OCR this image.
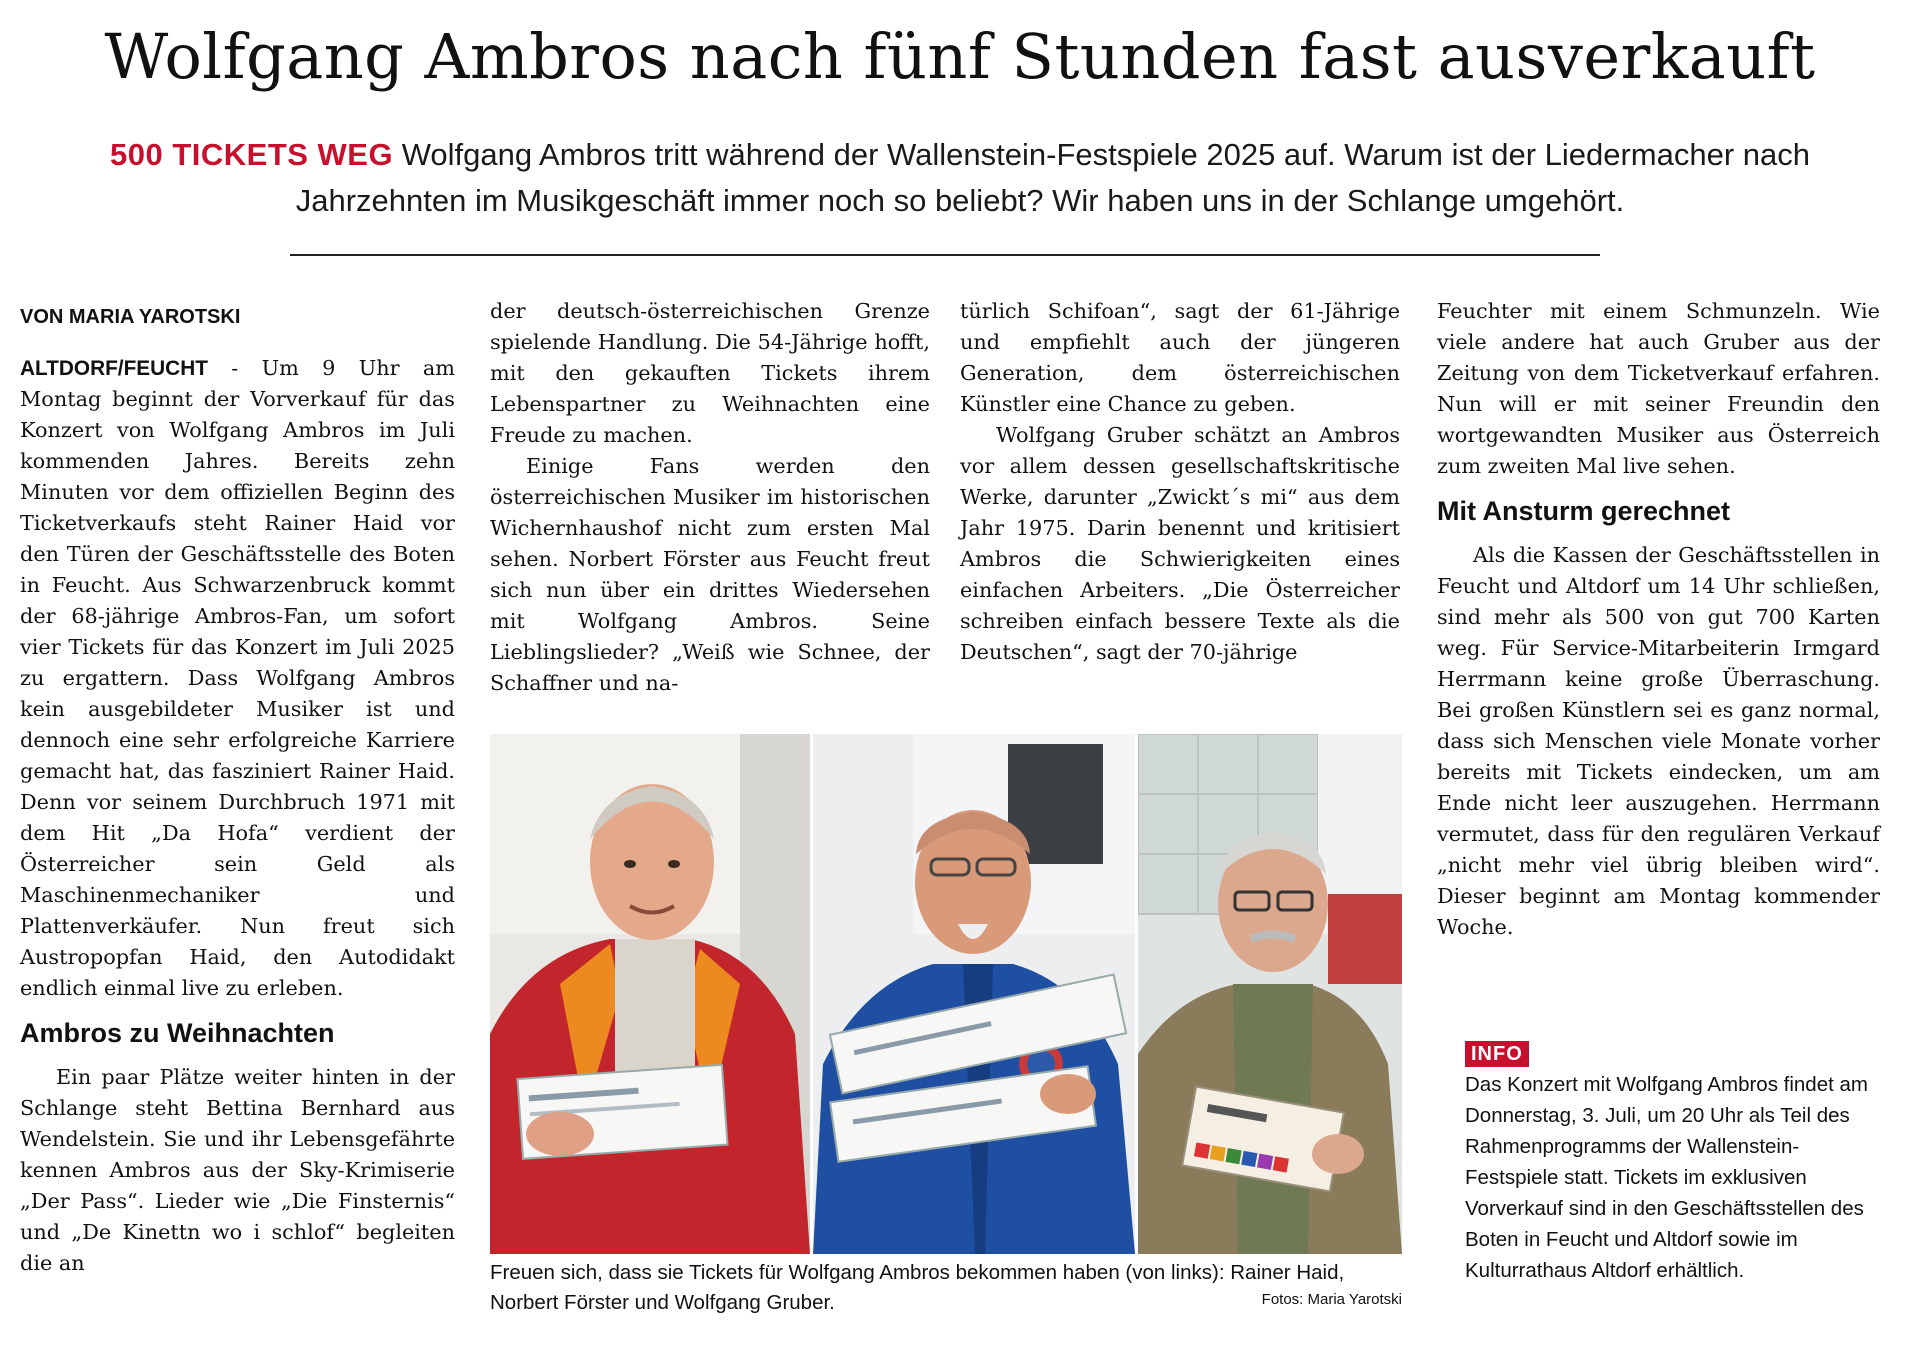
Wolfgang Ambros nach fünf Stunden fast ausverkauft
500 TICKETS WEG Wolfgang Ambros tritt während der Wallenstein-Festspiele 2025 auf. Warum ist der Liedermacher nach Jahrzehnten im Musikgeschäft immer noch so beliebt? Wir haben uns in der Schlange umgehört.
VON MARIA YAROTSKI

ALTDORF/FEUCHT - Um 9 Uhr am Montag beginnt der Vorverkauf für das Konzert von Wolfgang Ambros im Juli kommenden Jahres. Bereits zehn Minuten vor dem offiziellen Beginn des Ticketverkaufs steht Rainer Haid vor den Türen der Geschäftsstelle des Boten in Feucht. Aus Schwarzenbruck kommt der 68-jährige Ambros-Fan, um sofort vier Tickets für das Konzert im Juli 2025 zu ergattern. Dass Wolfgang Ambros kein ausgebildeter Musiker ist und dennoch eine sehr erfolgreiche Karriere gemacht hat, das fasziniert Rainer Haid. Denn vor seinem Durchbruch 1971 mit dem Hit „Da Hofa“ verdient der Österreicher sein Geld als Maschinenmechaniker und Plattenverkäufer. Nun freut sich Austropopfan Haid, den Autodidakt endlich einmal live zu erleben.

Ambros zu Weihnachten

Ein paar Plätze weiter hinten in der Schlange steht Bettina Bernhard aus Wendelstein. Sie und ihr Lebensgefährte kennen Ambros aus der Sky-Krimiserie „Der Pass“. Lieder wie „Die Finsternis“ und „De Kinettn wo i schlof“ begleiten die an

der deutsch-österreichischen Grenze spielende Handlung. Die 54-Jährige hofft, mit den gekauften Tickets ihrem Lebenspartner zu Weihnachten eine Freude zu machen.

Einige Fans werden den österreichischen Musiker im historischen Wichernhaushof nicht zum ersten Mal sehen. Norbert Förster aus Feucht freut sich nun über ein drittes Wiedersehen mit Wolfgang Ambros. Seine Lieblingslieder? „Weiß wie Schnee, der Schaffner und na-

türlich Schifoan“, sagt der 61-Jährige und empfiehlt auch der jüngeren Generation, dem österreichischen Künstler eine Chance zu geben.

Wolfgang Gruber schätzt an Ambros vor allem dessen gesellschaftskritische Werke, darunter „Zwickt´s mi“ aus dem Jahr 1975. Darin benennt und kritisiert Ambros die Schwierigkeiten eines einfachen Arbeiters. „Die Österreicher schreiben einfach bessere Texte als die Deutschen“, sagt der 70-jährige

Feuchter mit einem Schmunzeln. Wie viele andere hat auch Gruber aus der Zeitung von dem Ticketverkauf erfahren. Nun will er mit seiner Freundin den wortgewandten Musiker aus Österreich zum zweiten Mal live sehen.

Mit Ansturm gerechnet

Als die Kassen der Geschäftsstellen in Feucht und Altdorf um 14 Uhr schließen, sind mehr als 500 von gut 700 Karten weg. Für Service-Mitarbeiterin Irmgard Herrmann keine große Überraschung. Bei großen Künstlern sei es ganz normal, dass sich Menschen viele Monate vorher bereits mit Tickets eindecken, um am Ende nicht leer auszugehen. Herrmann vermutet, dass für den regulären Verkauf „nicht mehr viel übrig bleiben wird“. Dieser beginnt am Montag kommender Woche.

Freuen sich, dass sie Tickets für Wolfgang Ambros bekommen haben (von links): Rainer Haid, Norbert Förster und Wolfgang Gruber.	Fotos: Maria Yarotski
INFO
Das Konzert mit Wolfgang Ambros findet am Donnerstag, 3. Juli, um 20 Uhr als Teil des Rahmenprogramms der Wallenstein-Festspiele statt. Tickets im exklusiven Vorverkauf sind in den Geschäftsstellen des Boten in Feucht und Altdorf sowie im Kulturrathaus Altdorf erhältlich.
